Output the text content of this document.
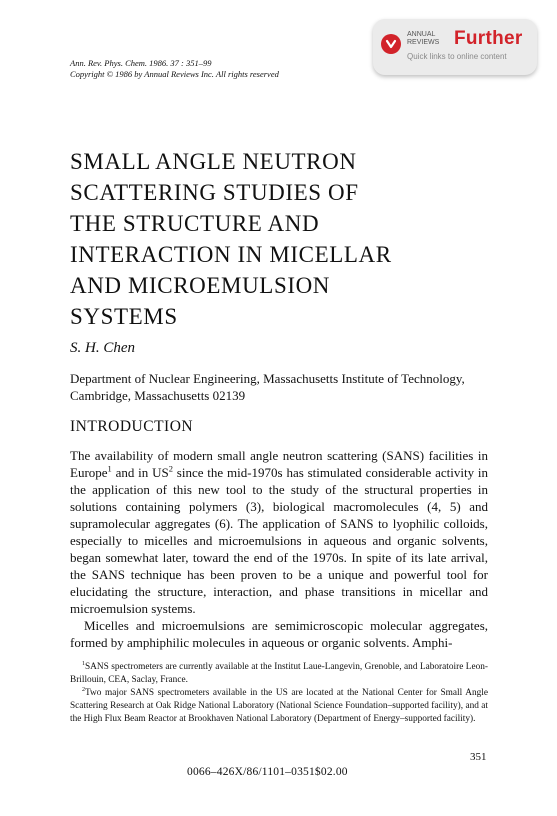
Ann. Rev. Phys. Chem. 1986. 37 : 351–99
Copyright © 1986 by Annual Reviews Inc. All rights reserved
ANNUAL
REVIEWS Further
Quick links to online content
SMALL ANGLE NEUTRON
SCATTERING STUDIES OF
THE STRUCTURE AND
INTERACTION IN MICELLAR
AND MICROEMULSION
SYSTEMS
S. H. Chen
Department of Nuclear Engineering, Massachusetts Institute of Technology, Cambridge, Massachusetts 02139
INTRODUCTION

The availability of modern small angle neutron scattering (SANS) facilities in Europe$^1$ and in $US^2$ since the mid-1970s has stimulated considerable activity in the application of this new tool to the study of the structural properties in solutions containing polymers (3), biological macromolecules (4, 5) and supramolecular aggregates (6). The application of SANS to lyophilic colloids, especially to micelles and microemulsions in aqueous and organic solvents, began somewhat later, toward the end of the 1970s. In spite of its late arrival, the SANS technique has been proven to be a unique and powerful tool for elucidating the structure, interaction, and phase transitions in micellar and microemulsion systems.

Micelles and microemulsions are semimicroscopic molecular aggregates, formed by amphiphilic molecules in aqueous or organic solvents. Amphi-

$^1$SANS spectrometers are currently available at the Institut Laue-Langevin, Grenoble, and Laboratoire Leon-Brillouin, CEA, Saclay, France.

$^2$Two major SANS spectrometers available in the US are located at the National Center for Small Angle Scattering Research at Oak Ridge National Laboratory (National Science Foundation–supported facility), and at the High Flux Beam Reactor at Brookhaven National Laboratory (Department of Energy–supported facility).

351
0066–426X/86/1101–0351$02.00
